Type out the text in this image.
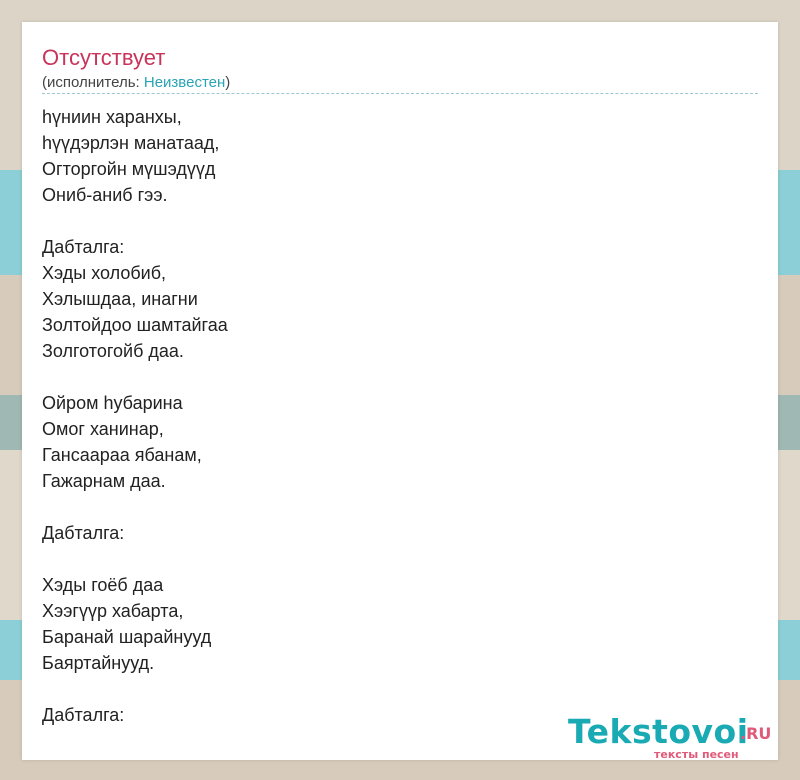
Отсутствует
(исполнитель: Неизвестен)
һүниин харанхы,
һүүдэрлэн манатаад,
Огторгойн мүшэдүүд
Ониб-аниб гээ.
Дабталга:
Хэды холобиб,
Хэлышдаа, инагни
Золтойдоо шамтайгаа
Золготогойб даа.
Ойром һубарина
Омог ханинар,
Гансаараа ябанам,
Гажарнам даа.
Дабталга:
Хэды гоёб даа
Хээгүүр хабарта,
Баранай шарайнууд
Баяртайнууд.
Дабталга:	Tekstovoi
.RU
тексты песен
